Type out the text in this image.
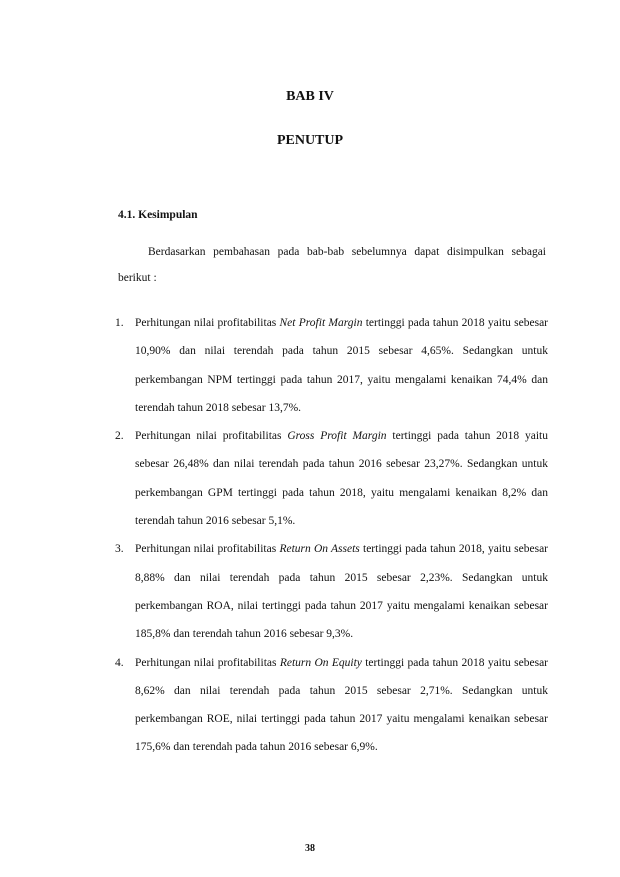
BAB IV
PENUTUP
4.1. Kesimpulan
Berdasarkan pembahasan pada bab-bab sebelumnya dapat disimpulkan sebagai
berikut :
1. Perhitungan nilai profitabilitas Net Profit Margin tertinggi pada tahun 2018 yaitu sebesar 10,90% dan nilai terendah pada tahun 2015 sebesar 4,65%. Sedangkan untuk perkembangan NPM tertinggi pada tahun 2017, yaitu mengalami kenaikan 74,4% dan terendah tahun 2018 sebesar 13,7%.
2. Perhitungan nilai profitabilitas Gross Profit Margin tertinggi pada tahun 2018 yaitu sebesar 26,48% dan nilai terendah pada tahun 2016 sebesar 23,27%. Sedangkan untuk perkembangan GPM tertinggi pada tahun 2018, yaitu mengalami kenaikan 8,2% dan terendah tahun 2016 sebesar 5,1%.
3. Perhitungan nilai profitabilitas Return On Assets tertinggi pada tahun 2018, yaitu sebesar 8,88% dan nilai terendah pada tahun 2015 sebesar 2,23%. Sedangkan untuk perkembangan ROA, nilai tertinggi pada tahun 2017 yaitu mengalami kenaikan sebesar 185,8% dan terendah tahun 2016 sebesar 9,3%.
4. Perhitungan nilai profitabilitas Return On Equity tertinggi pada tahun 2018 yaitu sebesar 8,62% dan nilai terendah pada tahun 2015 sebesar 2,71%. Sedangkan untuk perkembangan ROE, nilai tertinggi pada tahun 2017 yaitu mengalami kenaikan sebesar 175,6% dan terendah pada tahun 2016 sebesar 6,9%.
38
